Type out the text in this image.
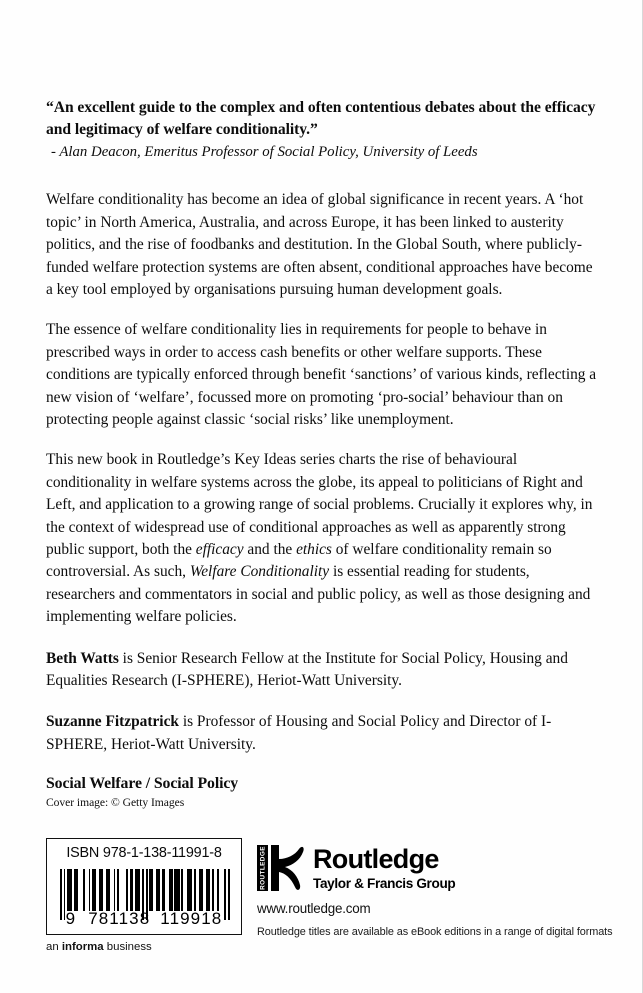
“An excellent guide to the complex and often contentious debates about the efficacy and legitimacy of welfare conditionality.”

- Alan Deacon, Emeritus Professor of Social Policy, University of Leeds

Welfare conditionality has become an idea of global significance in recent years. A ‘hot topic’ in North America, Australia, and across Europe, it has been linked to austerity politics, and the rise of foodbanks and destitution. In the Global South, where publicly-funded welfare protection systems are often absent, conditional approaches have become a key tool employed by organisations pursuing human development goals.

The essence of welfare conditionality lies in requirements for people to behave in prescribed ways in order to access cash benefits or other welfare supports. These conditions are typically enforced through benefit ‘sanctions’ of various kinds, reflecting a new vision of ‘welfare’, focussed more on promoting ‘pro-social’ behaviour than on protecting people against classic ‘social risks’ like unemployment.

This new book in Routledge’s Key Ideas series charts the rise of behavioural conditionality in welfare systems across the globe, its appeal to politicians of Right and Left, and application to a growing range of social problems. Crucially it explores why, in the context of widespread use of conditional approaches as well as apparently strong public support, both the efficacy and the ethics of welfare conditionality remain so controversial. As such, Welfare Conditionality is essential reading for students, researchers and commentators in social and public policy, as well as those designing and implementing welfare policies.

Beth Watts is Senior Research Fellow at the Institute for Social Policy, Housing and Equalities Research (I-SPHERE), Heriot-Watt University.

Suzanne Fitzpatrick is Professor of Housing and Social Policy and Director of I-SPHERE, Heriot-Watt University.

Social Welfare / Social Policy

Cover image: © Getty Images

ISBN 978-1-138-11991-8
9 781138 119918
an informa business
ROUTLEDGE Routledge
Taylor & Francis Group
www.routledge.com
Routledge titles are available as eBook editions in a range of digital formats
